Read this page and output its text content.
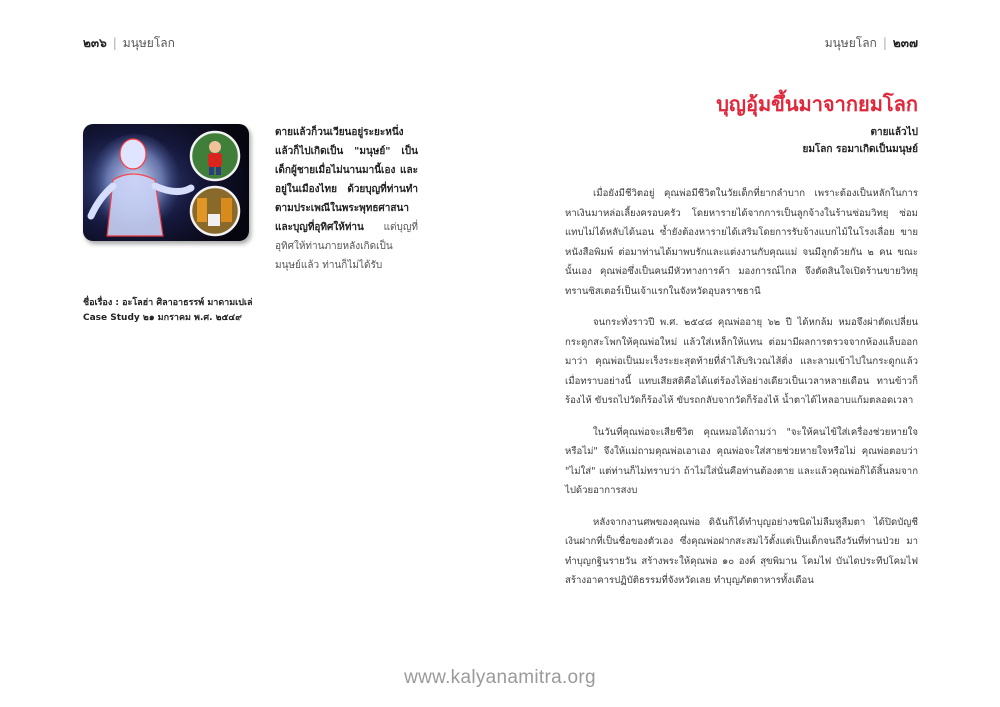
๒๓๖ | มนุษยโลก	มนุษยโลก | ๒๓๗
ตายแล้วก็วนเวียนอยู่ระยะหนึ่ง แล้วก็ไปเกิดเป็น "มนุษย์" เป็นเด็กผู้ชายเมื่อไม่นานมานี้เอง และอยู่ในเมืองไทย ด้วยบุญที่ท่านทำตามประเพณีในพระพุทธศาสนา และบุญที่อุทิศให้ท่าน แต่บุญที่อุทิศให้ท่านภายหลังเกิดเป็นมนุษย์แล้ว ท่านก็ไม่ได้รับ
ชื่อเรื่อง : อะโลฮ่า ศิลาอาธรรพ์ มาดามเปเล่
Case Study ๒๑ มกราคม พ.ศ. ๒๕๔๙
บุญอุ้มขึ้นมาจากยมโลก
ตายแล้วไป
ยมโลก รอมาเกิดเป็นมนุษย์

เมื่อยังมีชีวิตอยู่ คุณพ่อมีชีวิตในวัยเด็กที่ยากลำบาก เพราะต้องเป็นหลักในการหาเงินมาหล่อเลี้ยงครอบครัว โดยหารายได้จากการเป็นลูกจ้างในร้านซ่อมวิทยุ ซ่อมแทบไม่ได้หลับได้นอน ซ้ำยังต้องหารายได้เสริมโดยการรับจ้างแบกไม้ในโรงเลื่อย ขายหนังสือพิมพ์ ต่อมาท่านได้มาพบรักและแต่งงานกับคุณแม่ จนมีลูกด้วยกัน ๒ คน ขณะนั้นเอง คุณพ่อซึ่งเป็นคนมีหัวทางการค้า มองการณ์ไกล จึงตัดสินใจเปิดร้านขายวิทยุทรานซิสเตอร์เป็นเจ้าแรกในจังหวัดอุบลราชธานี

จนกระทั่งราวปี พ.ศ. ๒๕๔๘ คุณพ่ออายุ ๖๒ ปี ได้หกล้ม หมอจึงผ่าตัดเปลี่ยนกระดูกสะโพกให้คุณพ่อใหม่ แล้วใส่เหล็กให้แทน ต่อมามีผลการตรวจจากห้องแล็บออกมาว่า คุณพ่อเป็นมะเร็งระยะสุดท้ายที่ลำไส้บริเวณไส้ติ่ง และลามเข้าไปในกระดูกแล้ว เมื่อทราบอย่างนี้ แทบเสียสติคือได้แต่ร้องไห้อย่างเดียวเป็นเวลาหลายเดือน ทานข้าวก็ร้องไห้ ขับรถไปวัดก็ร้องไห้ ขับรถกลับจากวัดก็ร้องไห้ น้ำตาได้ไหลอาบแก้มตลอดเวลา

ในวันที่คุณพ่อจะเสียชีวิต คุณหมอได้ถามว่า "จะให้คนไข้ใส่เครื่องช่วยหายใจหรือไม่" จึงให้แม่ถามคุณพ่อเอาเอง คุณพ่อจะใส่สายช่วยหายใจหรือไม่ คุณพ่อตอบว่า "ไม่ใส่" แต่ท่านก็ไม่ทราบว่า ถ้าไม่ใส่นั่นคือท่านต้องตาย และแล้วคุณพ่อก็ได้สิ้นลมจากไปด้วยอาการสงบ

หลังจากงานศพของคุณพ่อ ดิฉันก็ได้ทำบุญอย่างชนิดไม่ลืมหูลืมตา ได้ปิดบัญชีเงินฝากที่เป็นชื่อของตัวเอง ซึ่งคุณพ่อฝากสะสมไว้ตั้งแต่เป็นเด็กจนถึงวันที่ท่านป่วย มาทำบุญกฐินรายวัน สร้างพระให้คุณพ่อ ๑๐ องค์ สุขพิมาน โคมไฟ บันไดประทีปโคมไฟ สร้างอาคารปฏิบัติธรรมที่จังหวัดเลย ทำบุญภัตตาหารทั้งเดือน

www.kalyanamitra.org
